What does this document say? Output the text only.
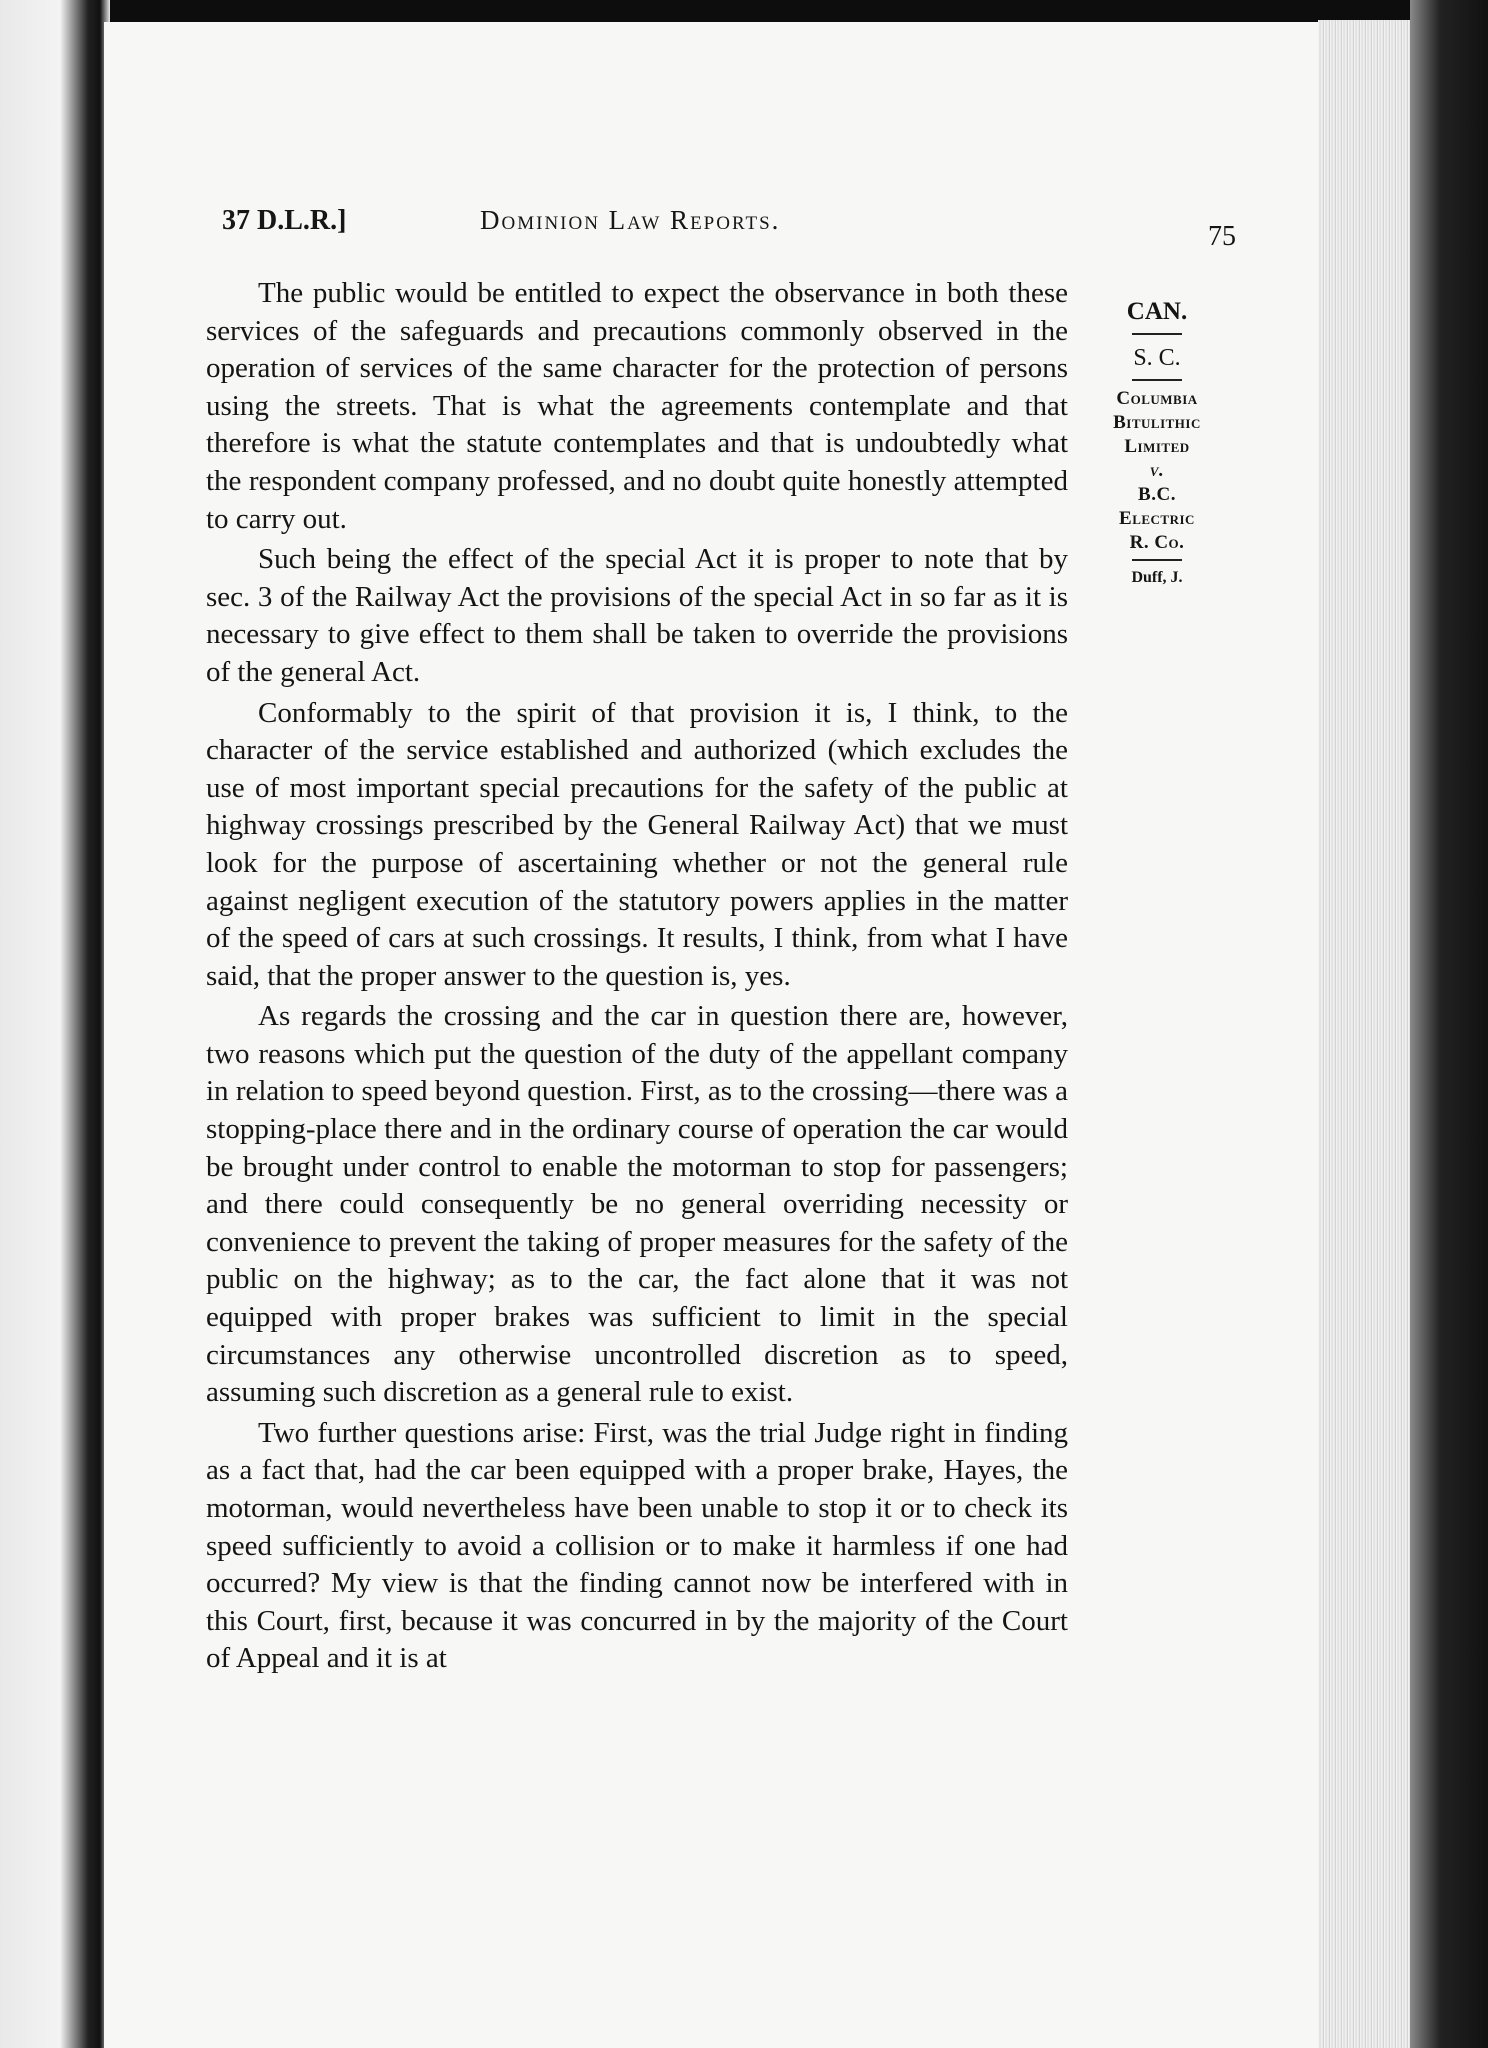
37 D.L.R.]	Dominion Law Reports.
75
CAN.
S. C.
Columbia
Bitulithic
Limited
v.
B.C.
Electric
R. Co.
Duff, J.

The public would be entitled to expect the observance in both these services of the safeguards and precautions commonly observed in the operation of services of the same character for the protection of persons using the streets. That is what the agreements contemplate and that therefore is what the statute contemplates and that is undoubtedly what the respondent company professed, and no doubt quite honestly attempted to carry out.

Such being the effect of the special Act it is proper to note that by sec. 3 of the Railway Act the provisions of the special Act in so far as it is necessary to give effect to them shall be taken to override the provisions of the general Act.

Conformably to the spirit of that provision it is, I think, to the character of the service established and authorized (which excludes the use of most important special precautions for the safety of the public at highway crossings prescribed by the General Railway Act) that we must look for the purpose of ascertaining whether or not the general rule against negligent execution of the statutory powers applies in the matter of the speed of cars at such crossings. It results, I think, from what I have said, that the proper answer to the question is, yes.

As regards the crossing and the car in question there are, however, two reasons which put the question of the duty of the appellant company in relation to speed beyond question. First, as to the crossing—there was a stopping-place there and in the ordinary course of operation the car would be brought under control to enable the motorman to stop for passengers; and there could consequently be no general overriding necessity or convenience to prevent the taking of proper measures for the safety of the public on the highway; as to the car, the fact alone that it was not equipped with proper brakes was sufficient to limit in the special circumstances any otherwise uncontrolled discretion as to speed, assuming such discretion as a general rule to exist.

Two further questions arise: First, was the trial Judge right in finding as a fact that, had the car been equipped with a proper brake, Hayes, the motorman, would nevertheless have been unable to stop it or to check its speed sufficiently to avoid a collision or to make it harmless if one had occurred? My view is that the finding cannot now be interfered with in this Court, first, because it was concurred in by the majority of the Court of Appeal and it is at
